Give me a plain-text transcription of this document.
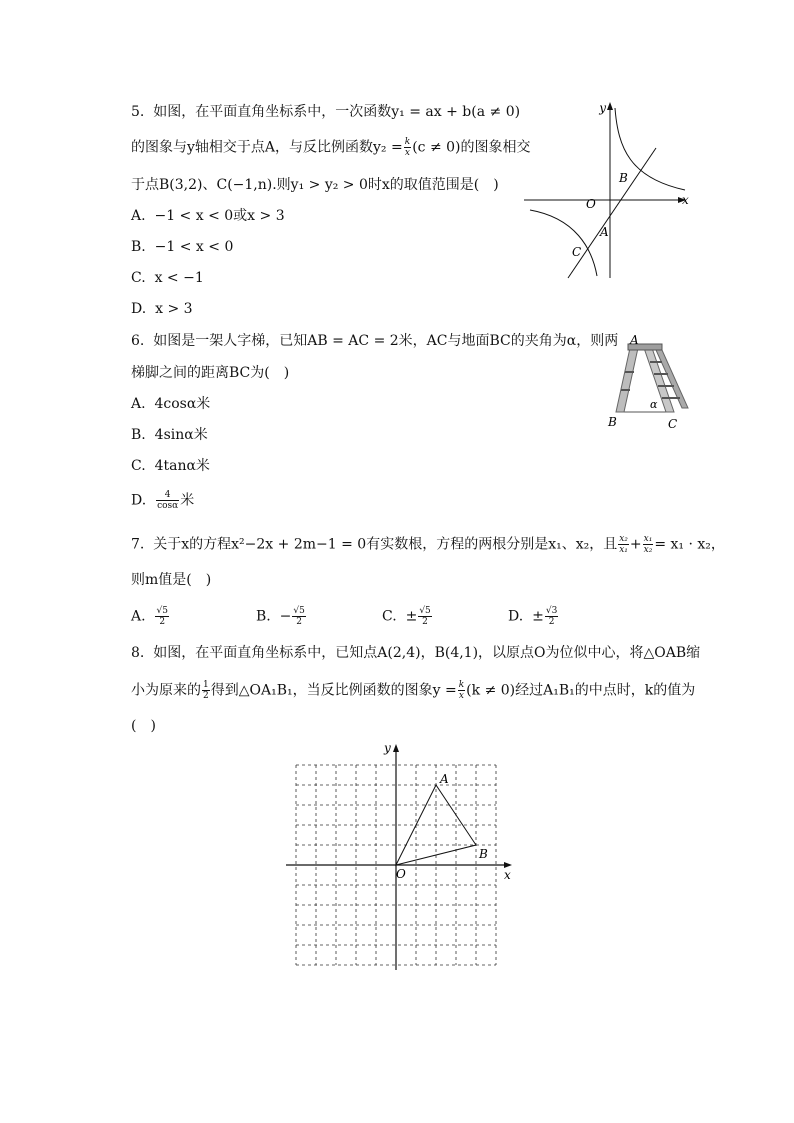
5. 如图，在平面直角坐标系中，一次函数y₁ = ax + b(a ≠ 0)
的图象与y轴相交于点A，与反比例函数$y_2 = \frac{k}{x} (c \ne 0)$的图象相交
于点B(3,2)、C(−1,n).则y₁ > y₂ > 0时x的取值范围是(　)
A. −1 < x < 0或x > 3
B. −1 < x < 0
C. x < −1
D. x > 3
y
x
O
B
A
C
6. 如图是一架人字梯，已知AB = AC = 2米，AC与地面BC的夹角为α，则两
梯脚之间的距离BC为(　)
A. 4cosα米
B. 4sinα米
C. 4tanα米
D. $\frac{4}{\cos\alpha}$ 米
A
B	C
α
7. 关于x的方程x²−2x + 2m−1 = 0有实数根，方程的两根分别是x₁、x₂，且 $\frac{\text{x₂}}{\text{x₁}} + \frac{\text{x₁}}{\text{x₂}} = x_1 \cdot x_2$，
则m值是(　)
A. $\frac{√5}{2}$	B. − $\frac{√5}{2}$	C. ± $\frac{√5}{2}$	D. ± $\frac{√3}{2}$
8. 如图，在平面直角坐标系中，已知点A(2,4)，B(4,1)，以原点O为位似中心，将△OAB缩
小为原来的 $\frac{1}{2}$ 得到△OA₁B₁，当反比例函数的图象$y = \frac{k}{x} (k \ne 0)$经过A₁B₁的中点时，k的值为
(　)
y
x
O
A
B
